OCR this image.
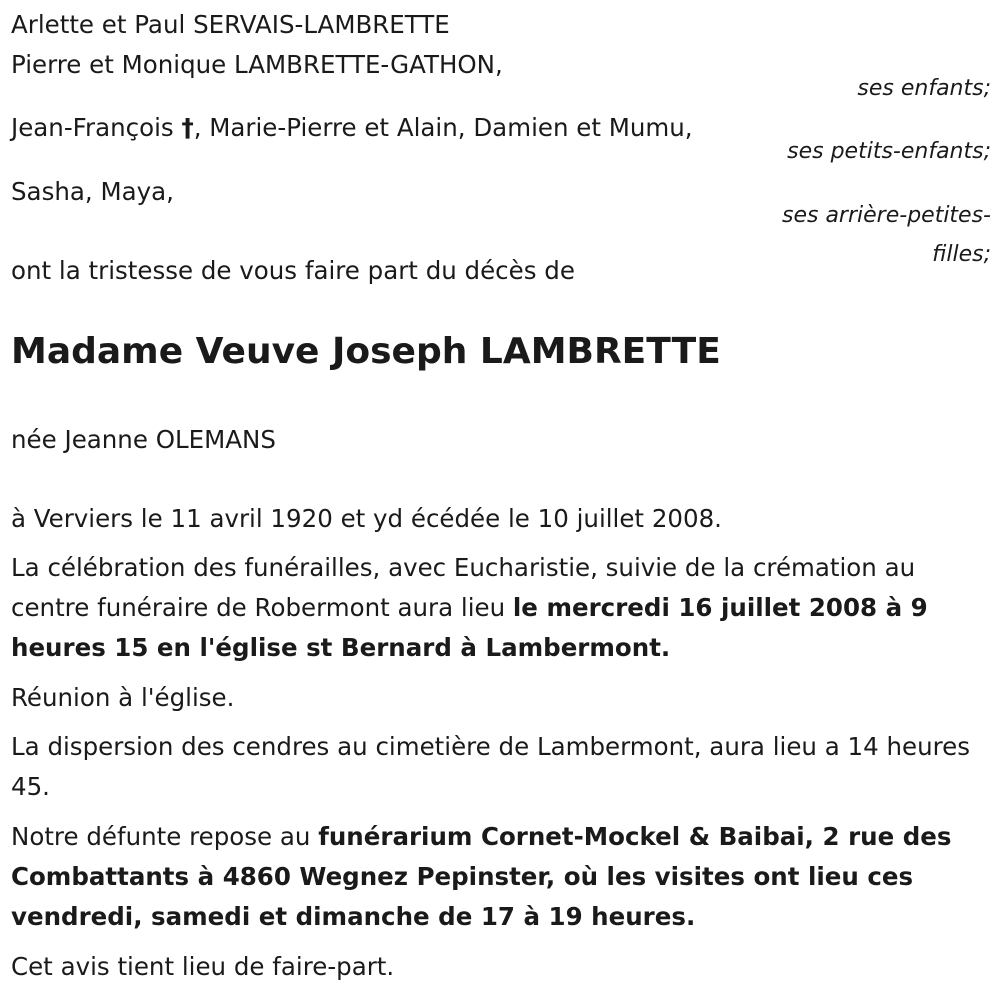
Arlette et Paul SERVAIS-LAMBRETTE
Pierre et Monique LAMBRETTE-GATHON,
ses enfants;
Jean-François †, Marie-Pierre et Alain, Damien et Mumu,
ses petits-enfants;
Sasha, Maya,
ses arrière-petites-
filles;
ont la tristesse de vous faire part du décès de
Madame Veuve Joseph LAMBRETTE
née Jeanne OLEMANS
à Verviers le 11 avril 1920 et yd écédée le 10 juillet 2008.
La célébration des funérailles, avec Eucharistie, suivie de la crémation au centre funéraire de Robermont aura lieu le mercredi 16 juillet 2008 à 9 heures 15 en l'église st Bernard à Lambermont.
Réunion à l'église.
La dispersion des cendres au cimetière de Lambermont, aura lieu a 14 heures 45.
Notre défunte repose au funérarium Cornet-Mockel & Baibai, 2 rue des Combattants à 4860 Wegnez Pepinster, où les visites ont lieu ces vendredi, samedi et dimanche de 17 à 19 heures.
Cet avis tient lieu de faire-part.
